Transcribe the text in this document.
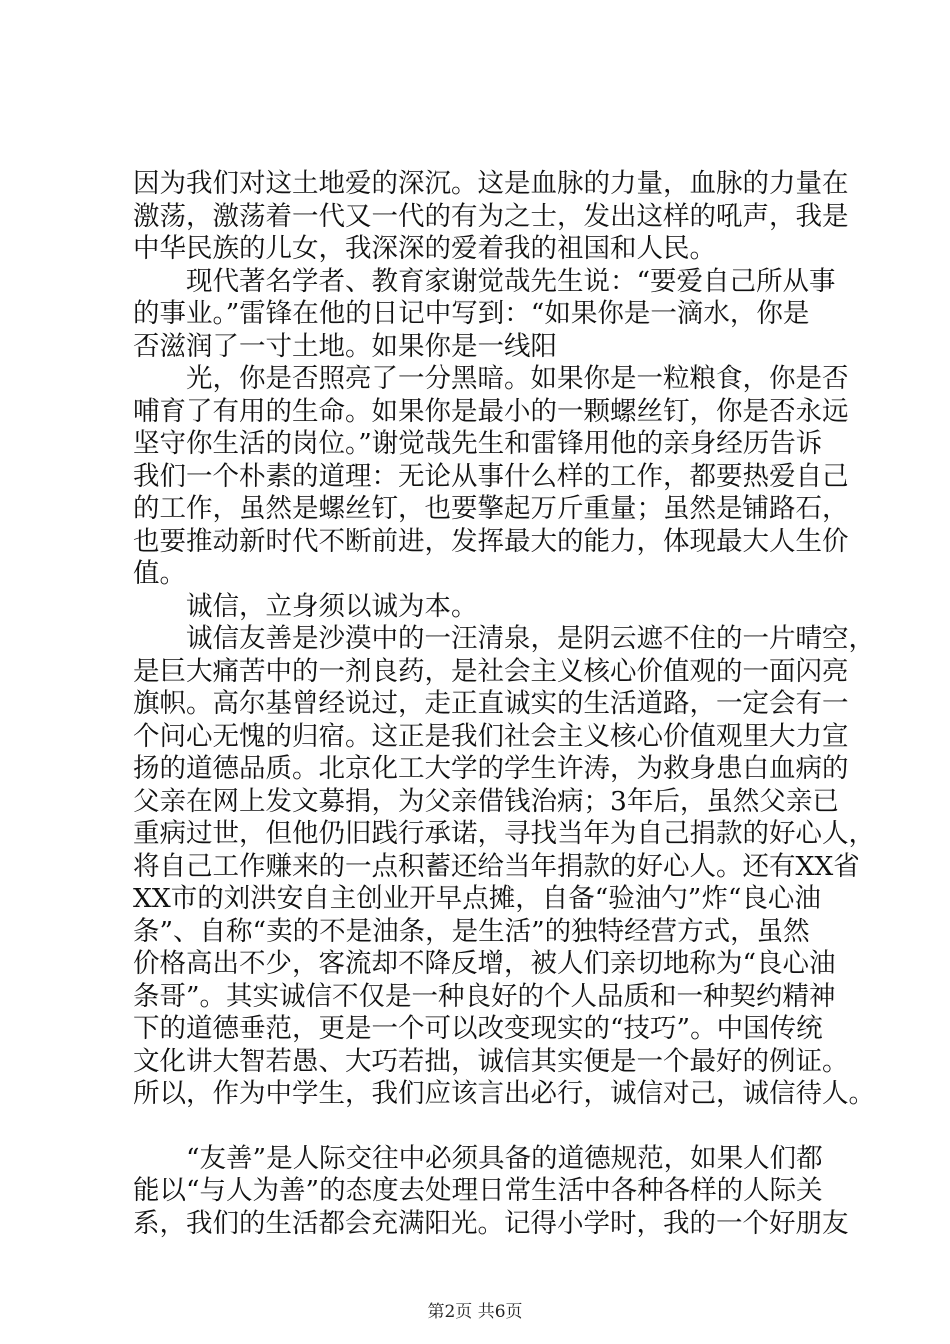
因为我们对这土地爱的深沉。这是血脉的力量，血脉的力量在
激荡，激荡着一代又一代的有为之士，发出这样的吼声，我是
中华民族的儿女，我深深的爱着我的祖国和人民。
　　现代著名学者、教育家谢觉哉先生说：“要爱自己所从事
的事业。”雷锋在他的日记中写到：“如果你是一滴水，你是
否滋润了一寸土地。如果你是一线阳
　　光，你是否照亮了一分黑暗。如果你是一粒粮食，你是否
哺育了有用的生命。如果你是最小的一颗螺丝钉，你是否永远
坚守你生活的岗位。”谢觉哉先生和雷锋用他的亲身经历告诉
我们一个朴素的道理：无论从事什么样的工作，都要热爱自己
的工作，虽然是螺丝钉，也要擎起万斤重量；虽然是铺路石，
也要推动新时代不断前进，发挥最大的能力，体现最大人生价
值。
　　诚信，立身须以诚为本。
　　诚信友善是沙漠中的一汪清泉，是阴云遮不住的一片晴空，
是巨大痛苦中的一剂良药，是社会主义核心价值观的一面闪亮
旗帜。高尔基曾经说过，走正直诚实的生活道路，一定会有一
个问心无愧的归宿。这正是我们社会主义核心价值观里大力宣
扬的道德品质。北京化工大学的学生许涛，为救身患白血病的
父亲在网上发文募捐，为父亲借钱治病；3年后，虽然父亲已
重病过世，但他仍旧践行承诺，寻找当年为自己捐款的好心人，
将自己工作赚来的一点积蓄还给当年捐款的好心人。还有XX省
XX市的刘洪安自主创业开早点摊，自备“验油勺”炸“良心油
条”、自称“卖的不是油条，是生活”的独特经营方式，虽然
价格高出不少，客流却不降反增，被人们亲切地称为“良心油
条哥”。其实诚信不仅是一种良好的个人品质和一种契约精神
下的道德垂范，更是一个可以改变现实的“技巧”。中国传统
文化讲大智若愚、大巧若拙，诚信其实便是一个最好的例证。
所以，作为中学生，我们应该言出必行，诚信对己，诚信待人。
　　“友善”是人际交往中必须具备的道德规范，如果人们都
能以“与人为善”的态度去处理日常生活中各种各样的人际关
系，我们的生活都会充满阳光。记得小学时，我的一个好朋友
第2页 共6页
